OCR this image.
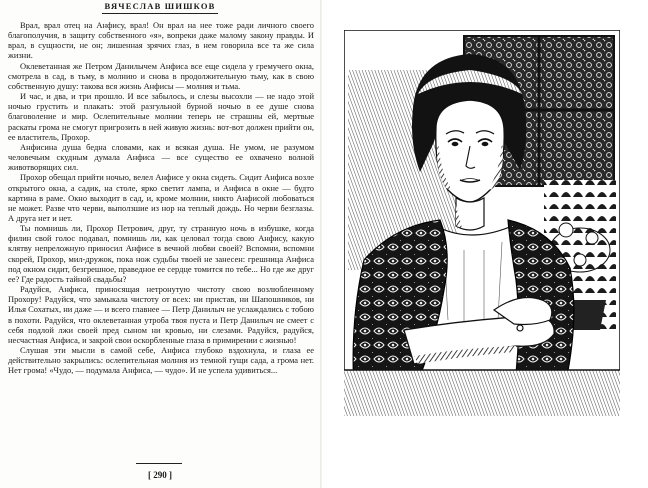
ВЯЧЕСЛАВ ШИШКОВ

Врал, врал отец на Анфису, врал! Он врал на нее тоже ради личного своего благополучия, в защиту собственного «я», вопреки даже малому закону правды. И врал, в сущности, не он; лишенная зрячих глаз, в нем говорила все та же сила жизни.

Оклеветанная же Петром Данилычем Анфиса все еще сидела у гремучего окна, смотрела в сад, в тьму, в молнию и снова в продолжительную тьму, как в свою собственную душу: такова вся жизнь Анфисы — молния и тьма.

И час, и два, и три прошло. И все забылось, и слезы высохли — не надо этой ночью грустить и плакать: этой разгульной бурной ночью в ее душе снова благоволение и мир. Ослепительные молнии теперь не страшны ей, мертвые раскаты грома не смогут пригрозить в ней живую жизнь: вот-вот должен прийти он, ее властитель, Прохор.

Анфисина душа бедна словами, как и всякая душа. Не умом, не разумом человечьим скудным думала Анфиса — все существо ее охвачено волной животворящих сил.

Прохор обещал прийти ночью, велел Анфисе у окна сидеть. Сидит Анфиса возле открытого окна, а садик, на столе, ярко светит лампа, и Анфиса в окне — будто картина в раме. Окно выходит в сад, и, кроме молнии, никто Анфисой любоваться не может. Разве что черви, выползшие из нор на теплый дождь. Но черви безглазы. А друга нет и нет.

Ты помнишь ли, Прохор Петрович, друг, ту странную ночь в избушке, когда филин свой голос подавал, помнишь ли, как целовал тогда свою Анфису, какую клятву непреложную приносил Анфисе в вечной любви своей? Вспомни, вспомни скорей, Прохор, мил-дружок, пока нож судьбы твоей не занесен: грешница Анфиса под окном сидит, безгрешное, праведное ее сердце томится по тебе... Но где же друг ее? Где радость тайной свадьбы?

Радуйся, Анфиса, приносящая нетронутую чистоту свою возлюбленному Прохору! Радуйся, что замыкала чистоту от всех: ни пристав, ни Шапошников, ни Илья Сохатых, ни даже — и всего главнее — Петр Данилыч не услаждались с тобою в похоти. Радуйся, что оклеветанная утроба твоя пуста и Петр Данилыч не смеет с себя подлой лжи своей пред сыном ни кровью, ни слезами. Радуйся, радуйся, несчастная Анфиса, и закрой свои оскорбленные глаза в примирении с жизнью!

Слушая эти мысли в самой себе, Анфиса глубоко вздохнула, и глаза ее действительно закрылись: ослепительная молния из темной гущи сада, а грома нет. Нет грома! «Чудо, — подумала Анфиса, — чудо». И не успела удивиться...

[ 290 ]
